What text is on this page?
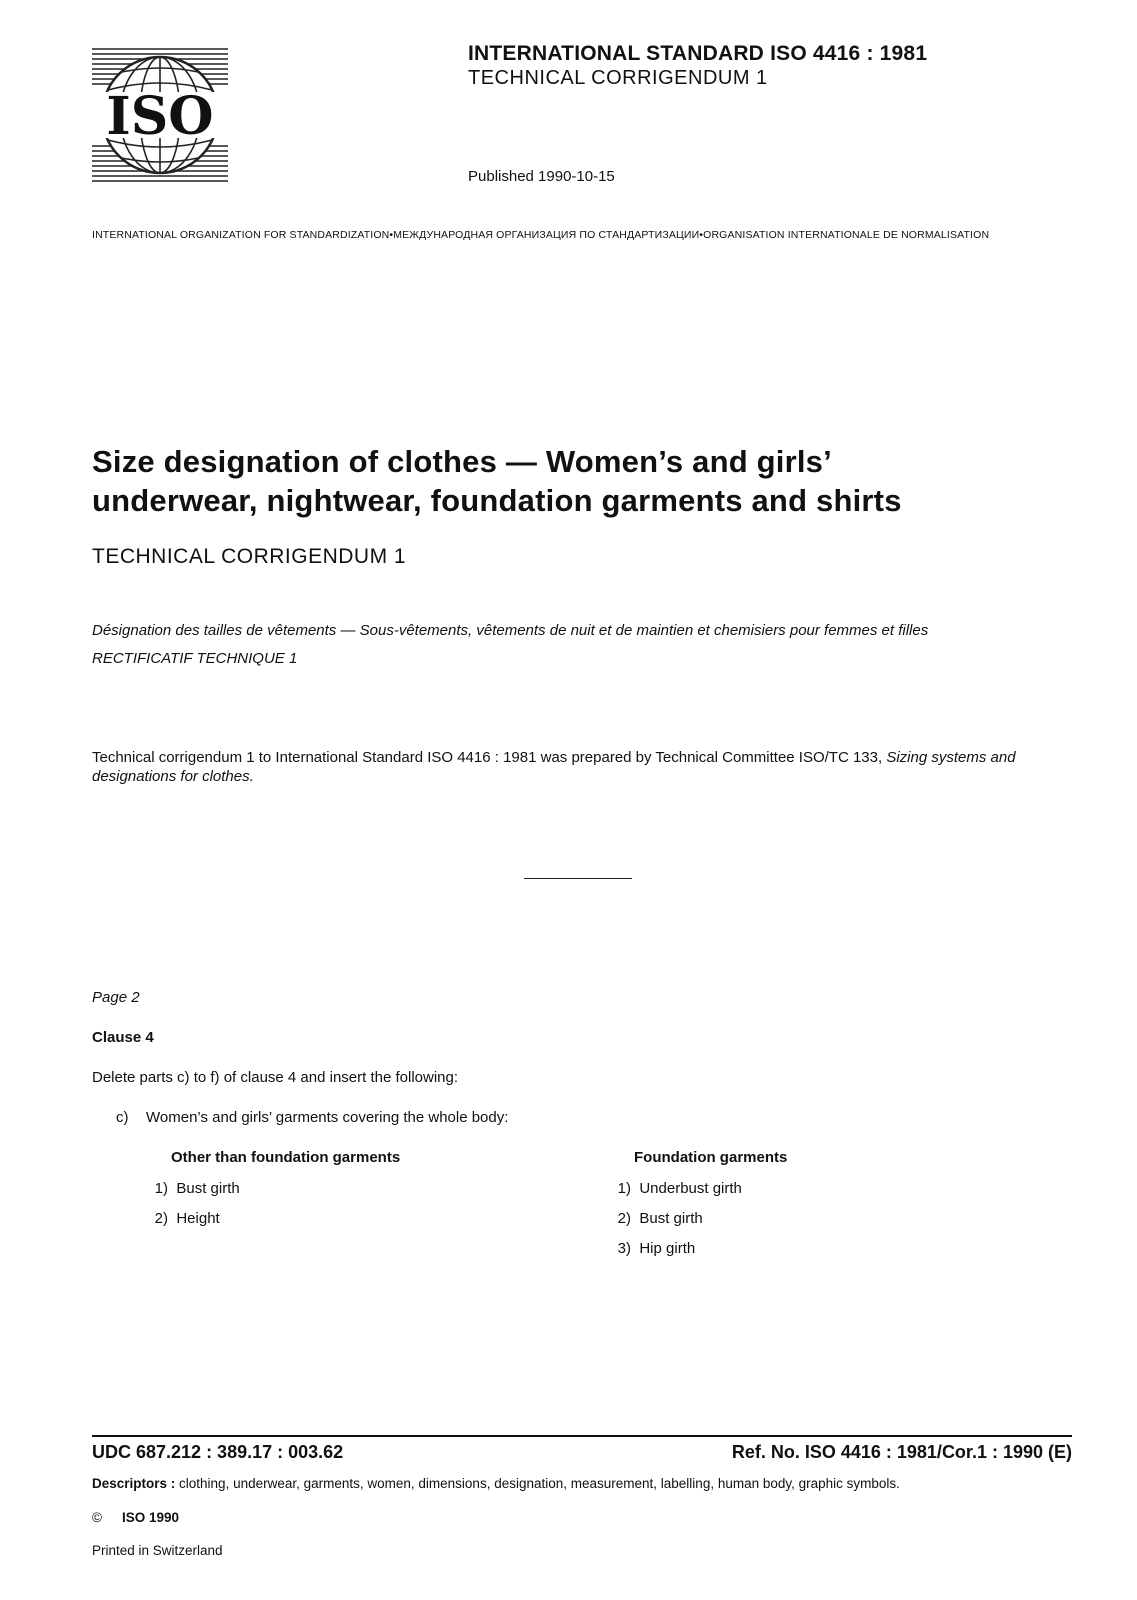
ISO
INTERNATIONAL STANDARD ISO 4416 : 1981
TECHNICAL CORRIGENDUM 1
Published 1990-10-15
INTERNATIONAL ORGANIZATION FOR STANDARDIZATION•МЕЖДУНАРОДНАЯ ОРГАНИЗАЦИЯ ПО СТАНДАРТИЗАЦИИ•ORGANISATION INTERNATIONALE DE NORMALISATION
Size designation of clothes — Women’s and girls’
underwear, nightwear, foundation garments and shirts
TECHNICAL CORRIGENDUM 1
Désignation des tailles de vêtements — Sous-vêtements, vêtements de nuit et de maintien et chemisiers pour femmes et filles
RECTIFICATIF TECHNIQUE 1
Technical corrigendum 1 to International Standard ISO 4416 : 1981 was prepared by Technical Committee ISO/TC 133, Sizing systems and designations for clothes.
Page 2
Clause 4
Delete parts c) to f) of clause 4 and insert the following:
c) Women’s and girls’ garments covering the whole body:
Other than foundation garments
1) Bust girth
2) Height
Foundation garments
1) Underbust girth
2) Bust girth
3) Hip girth
UDC 687.212 : 389.17 : 003.62	Ref. No. ISO 4416 : 1981/Cor.1 : 1990 (E)
Descriptors : clothing, underwear, garments, women, dimensions, designation, measurement, labelling, human body, graphic symbols.
© ISO 1990
Printed in Switzerland
